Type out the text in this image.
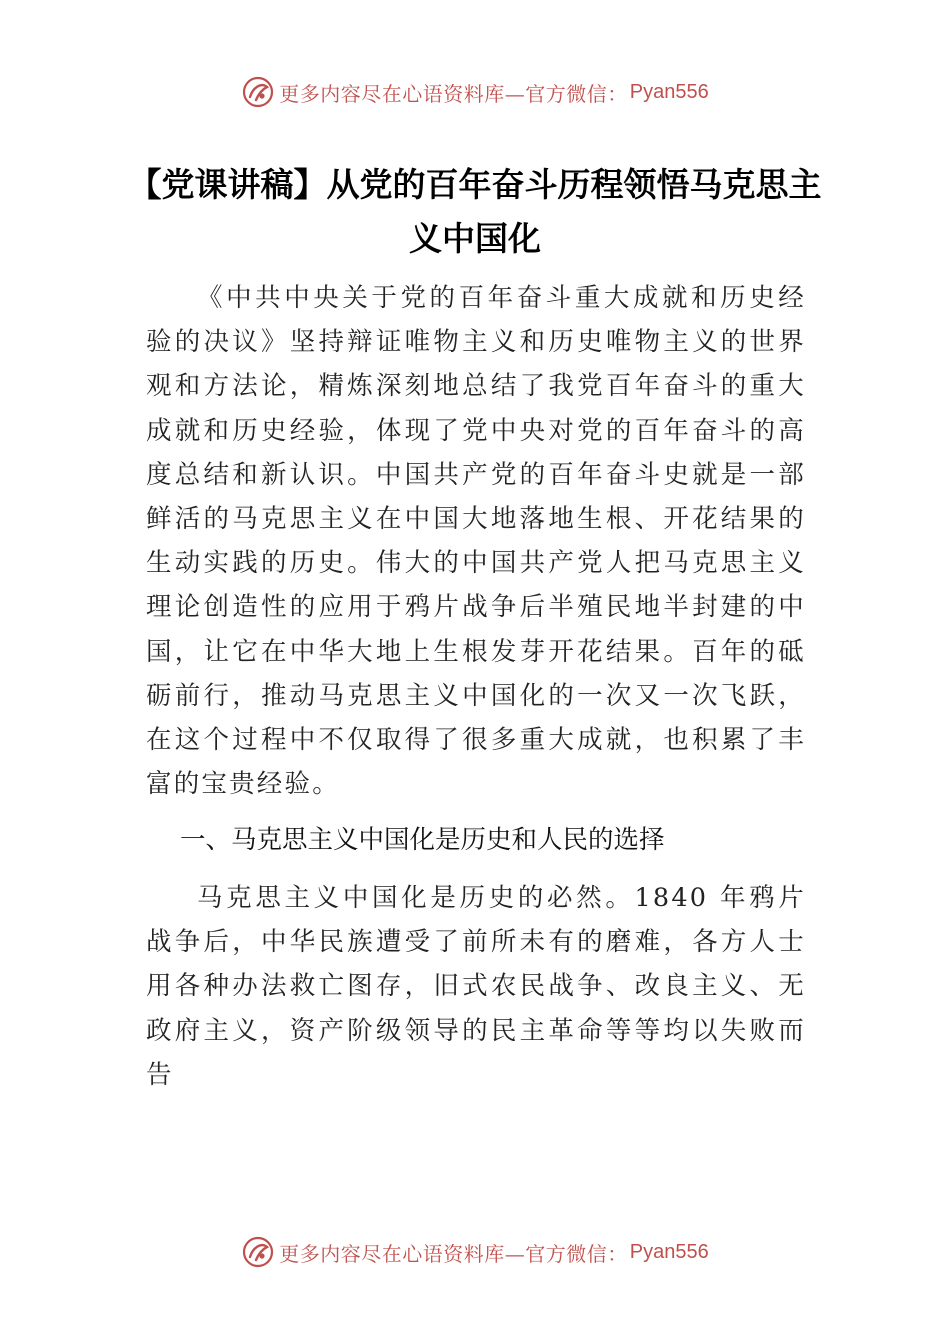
更多内容尽在心语资料库—官方微信： Pyan556
【党课讲稿】从党的百年奋斗历程领悟马克思主义中国化

《中共中央关于党的百年奋斗重大成就和历史经验的决议》坚持辩证唯物主义和历史唯物主义的世界观和方法论，精炼深刻地总结了我党百年奋斗的重大成就和历史经验，体现了党中央对党的百年奋斗的高度总结和新认识。中国共产党的百年奋斗史就是一部鲜活的马克思主义在中国大地落地生根、开花结果的生动实践的历史。伟大的中国共产党人把马克思主义理论创造性的应用于鸦片战争后半殖民地半封建的中国，让它在中华大地上生根发芽开花结果。百年的砥砺前行，推动马克思主义中国化的一次又一次飞跃，在这个过程中不仅取得了很多重大成就，也积累了丰富的宝贵经验。

一、马克思主义中国化是历史和人民的选择

马克思主义中国化是历史的必然。1840 年鸦片战争后，中华民族遭受了前所未有的磨难，各方人士用各种办法救亡图存，旧式农民战争、改良主义、无政府主义，资产阶级领导的民主革命等等均以失败而告

更多内容尽在心语资料库—官方微信： Pyan556
